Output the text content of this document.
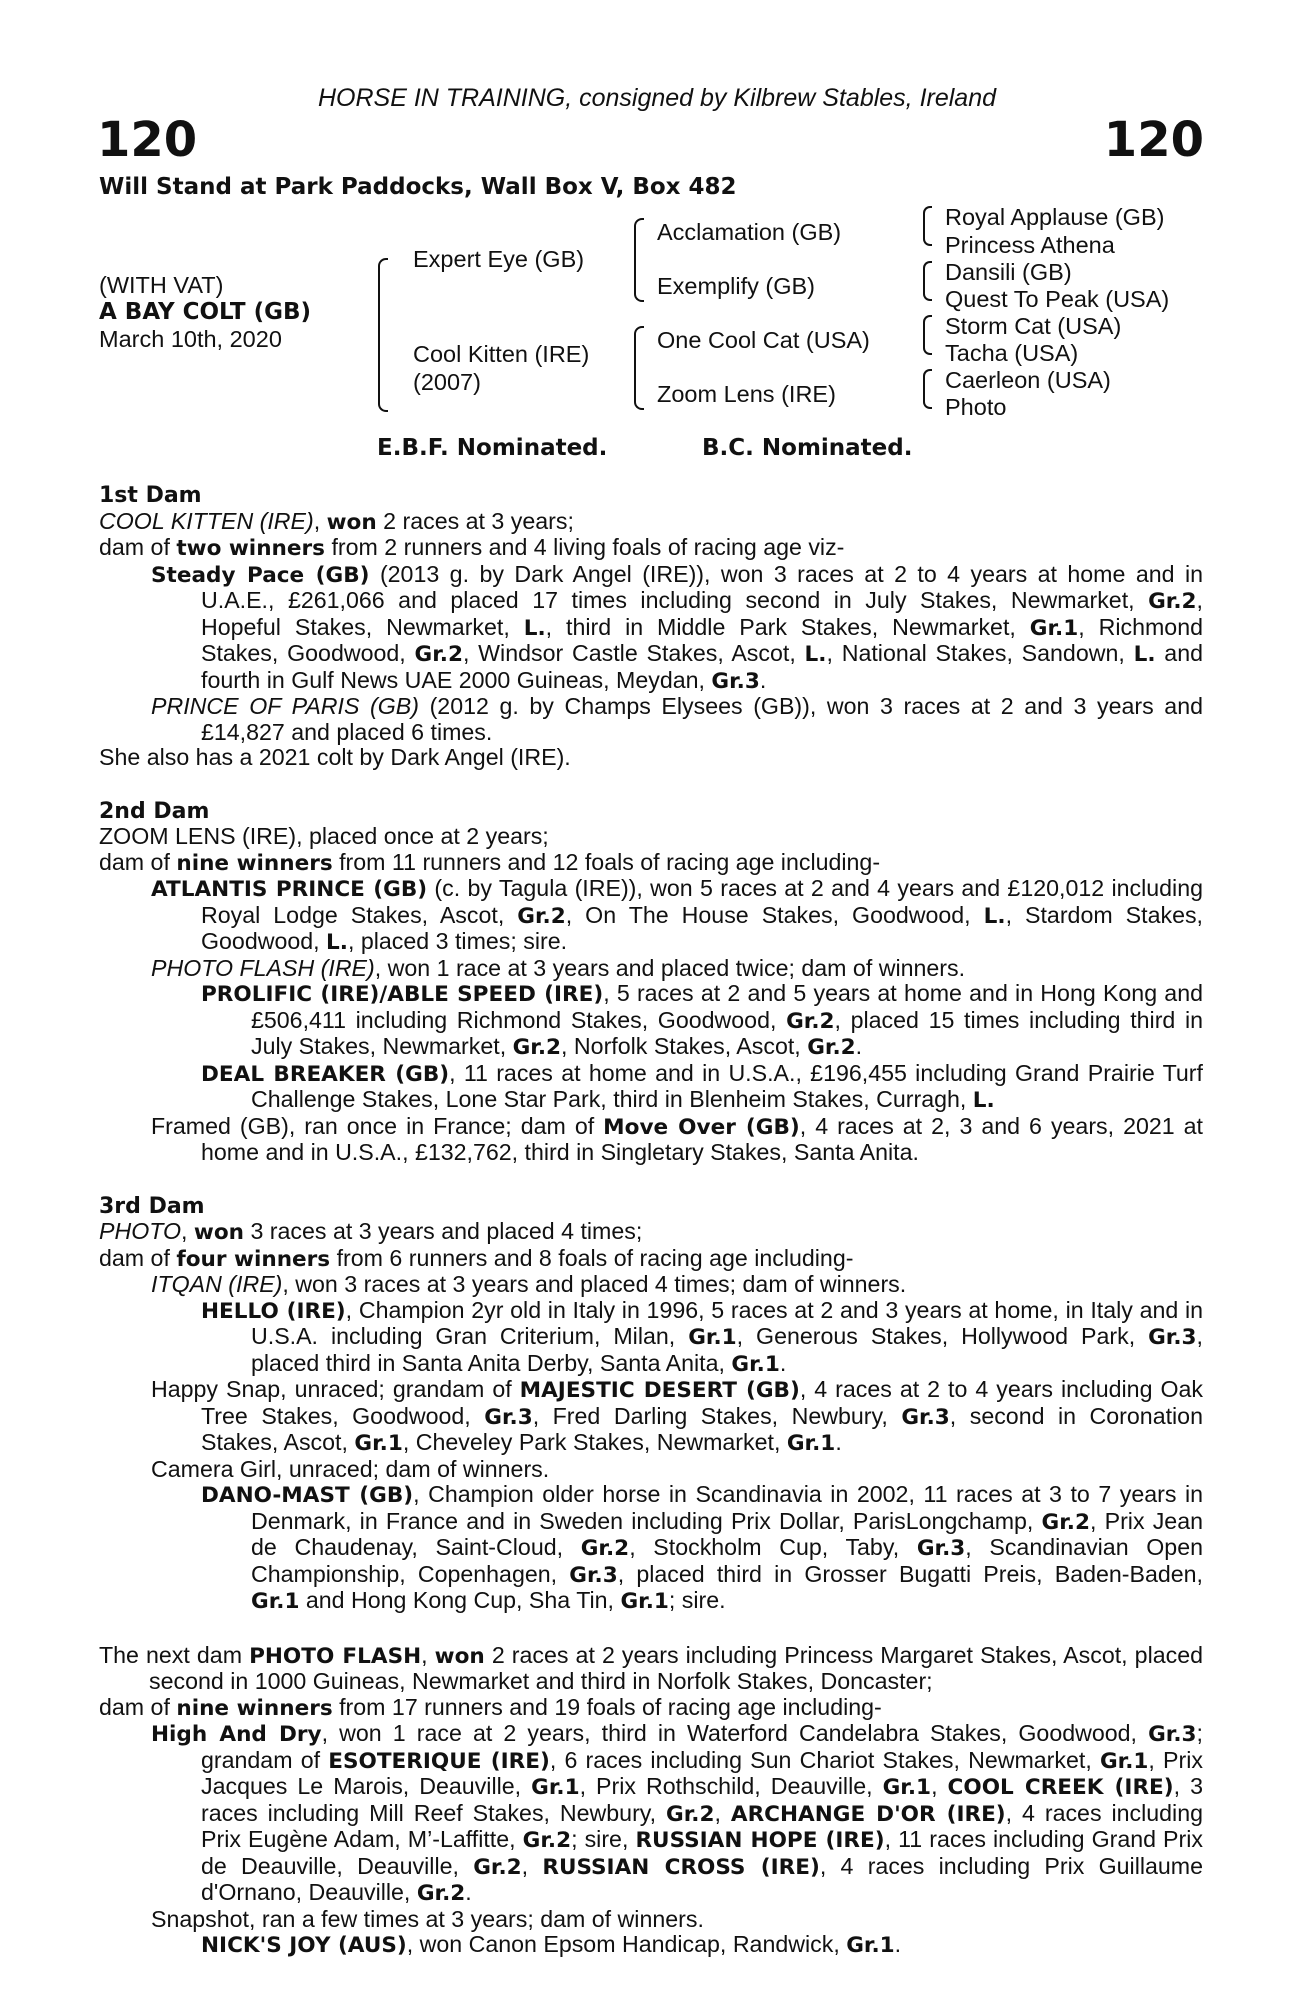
HORSE IN TRAINING, consigned by Kilbrew Stables, Ireland
120	120
Will Stand at Park Paddocks, Wall Box V, Box 482
(WITH VAT)
A BAY COLT (GB)
March 10th, 2020
Expert Eye (GB)
Cool Kitten (IRE)
(2007)
Acclamation (GB)
Exemplify (GB)
One Cool Cat (USA)
Zoom Lens (IRE)
Royal Applause (GB)
Princess Athena
Dansili (GB)
Quest To Peak (USA)
Storm Cat (USA)
Tacha (USA)
Caerleon (USA)
Photo
E.B.F. Nominated.	B.C. Nominated.
1st Dam
COOL KITTEN (IRE), won 2 races at 3 years;
dam of two winners from 2 runners and 4 living foals of racing age viz-
Steady Pace (GB) (2013 g. by Dark Angel (IRE)), won 3 races at 2 to 4 years at home and in U.A.E., £261,066 and placed 17 times including second in July Stakes, Newmarket, Gr.2, Hopeful Stakes, Newmarket, L., third in Middle Park Stakes, Newmarket, Gr.1, Richmond Stakes, Goodwood, Gr.2, Windsor Castle Stakes, Ascot, L., National Stakes, Sandown, L. and fourth in Gulf News UAE 2000 Guineas, Meydan, Gr.3.
PRINCE OF PARIS (GB) (2012 g. by Champs Elysees (GB)), won 3 races at 2 and 3 years and £14,827 and placed 6 times.
She also has a 2021 colt by Dark Angel (IRE).
2nd Dam
ZOOM LENS (IRE), placed once at 2 years;
dam of nine winners from 11 runners and 12 foals of racing age including-
ATLANTIS PRINCE (GB) (c. by Tagula (IRE)), won 5 races at 2 and 4 years and £120,012 including Royal Lodge Stakes, Ascot, Gr.2, On The House Stakes, Goodwood, L., Stardom Stakes, Goodwood, L., placed 3 times; sire.
PHOTO FLASH (IRE), won 1 race at 3 years and placed twice; dam of winners.
PROLIFIC (IRE)/ABLE SPEED (IRE), 5 races at 2 and 5 years at home and in Hong Kong and £506,411 including Richmond Stakes, Goodwood, Gr.2, placed 15 times including third in July Stakes, Newmarket, Gr.2, Norfolk Stakes, Ascot, Gr.2.
DEAL BREAKER (GB), 11 races at home and in U.S.A., £196,455 including Grand Prairie Turf Challenge Stakes, Lone Star Park, third in Blenheim Stakes, Curragh, L.
Framed (GB), ran once in France; dam of Move Over (GB), 4 races at 2, 3 and 6 years, 2021 at home and in U.S.A., £132,762, third in Singletary Stakes, Santa Anita.
3rd Dam
PHOTO, won 3 races at 3 years and placed 4 times;
dam of four winners from 6 runners and 8 foals of racing age including-
ITQAN (IRE), won 3 races at 3 years and placed 4 times; dam of winners.
HELLO (IRE), Champion 2yr old in Italy in 1996, 5 races at 2 and 3 years at home, in Italy and in U.S.A. including Gran Criterium, Milan, Gr.1, Generous Stakes, Hollywood Park, Gr.3, placed third in Santa Anita Derby, Santa Anita, Gr.1.
Happy Snap, unraced; grandam of MAJESTIC DESERT (GB), 4 races at 2 to 4 years including Oak Tree Stakes, Goodwood, Gr.3, Fred Darling Stakes, Newbury, Gr.3, second in Coronation Stakes, Ascot, Gr.1, Cheveley Park Stakes, Newmarket, Gr.1.
Camera Girl, unraced; dam of winners.
DANO-MAST (GB), Champion older horse in Scandinavia in 2002, 11 races at 3 to 7 years in Denmark, in France and in Sweden including Prix Dollar, ParisLongchamp, Gr.2, Prix Jean de Chaudenay, Saint-Cloud, Gr.2, Stockholm Cup, Taby, Gr.3, Scandinavian Open Championship, Copenhagen, Gr.3, placed third in Grosser Bugatti Preis, Baden-Baden, Gr.1 and Hong Kong Cup, Sha Tin, Gr.1; sire.
The next dam PHOTO FLASH, won 2 races at 2 years including Princess Margaret Stakes, Ascot, placed second in 1000 Guineas, Newmarket and third in Norfolk Stakes, Doncaster;
dam of nine winners from 17 runners and 19 foals of racing age including-
High And Dry, won 1 race at 2 years, third in Waterford Candelabra Stakes, Goodwood, Gr.3; grandam of ESOTERIQUE (IRE), 6 races including Sun Chariot Stakes, Newmarket, Gr.1, Prix Jacques Le Marois, Deauville, Gr.1, Prix Rothschild, Deauville, Gr.1, COOL CREEK (IRE), 3 races including Mill Reef Stakes, Newbury, Gr.2, ARCHANGE D'OR (IRE), 4 races including Prix Eugène Adam, M’-Laffitte, Gr.2; sire, RUSSIAN HOPE (IRE), 11 races including Grand Prix de Deauville, Deauville, Gr.2, RUSSIAN CROSS (IRE), 4 races including Prix Guillaume d'Ornano, Deauville, Gr.2.
Snapshot, ran a few times at 3 years; dam of winners.
NICK'S JOY (AUS), won Canon Epsom Handicap, Randwick, Gr.1.
